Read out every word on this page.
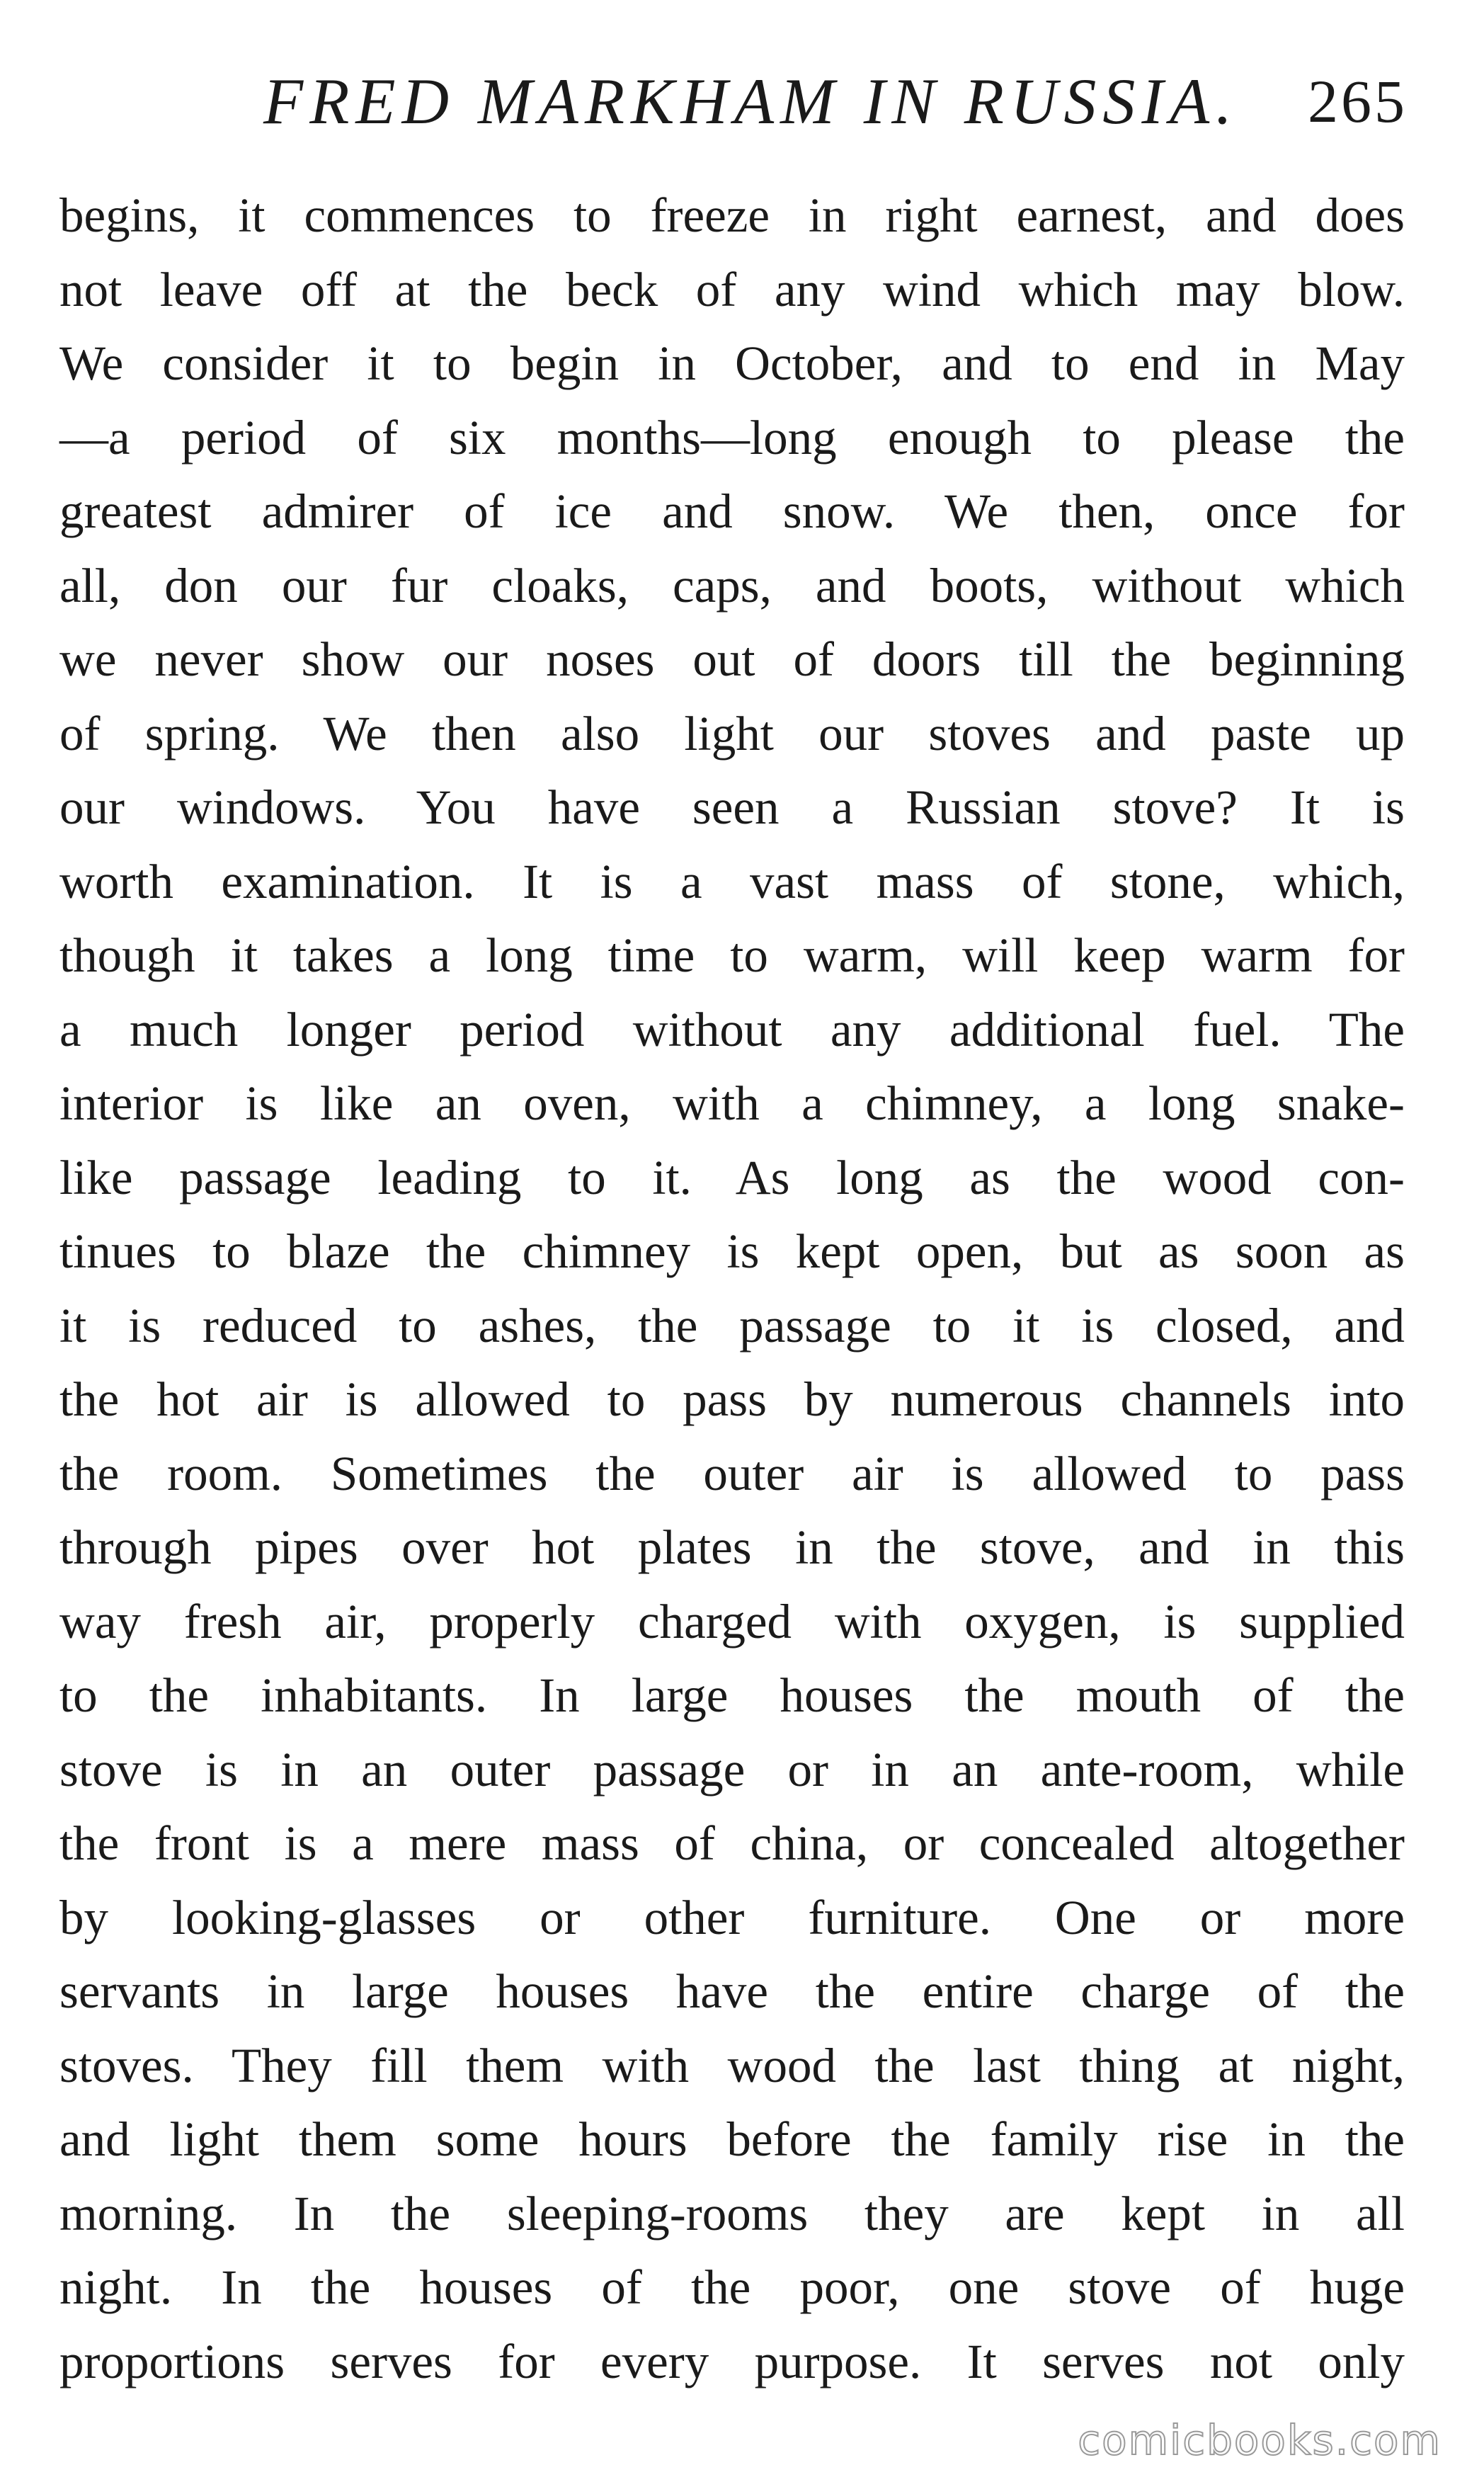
FRED MARKHAM IN RUSSIA. 265
begins, it commences to freeze in right earnest, and does
not leave off at the beck of any wind which may blow.
We consider it to begin in October, and to end in May
—a period of six months—long enough to please the
greatest admirer of ice and snow. We then, once for
all, don our fur cloaks, caps, and boots, without which
we never show our noses out of doors till the beginning
of spring. We then also light our stoves and paste up
our windows. You have seen a Russian stove? It is
worth examination. It is a vast mass of stone, which,
though it takes a long time to warm, will keep warm for
a much longer period without any additional fuel. The
interior is like an oven, with a chimney, a long snake-
like passage leading to it. As long as the wood con-
tinues to blaze the chimney is kept open, but as soon as
it is reduced to ashes, the passage to it is closed, and
the hot air is allowed to pass by numerous channels into
the room. Sometimes the outer air is allowed to pass
through pipes over hot plates in the stove, and in this
way fresh air, properly charged with oxygen, is supplied
to the inhabitants. In large houses the mouth of the
stove is in an outer passage or in an ante-room, while
the front is a mere mass of china, or concealed altogether
by looking-glasses or other furniture. One or more
servants in large houses have the entire charge of the
stoves. They fill them with wood the last thing at night,
and light them some hours before the family rise in the
morning. In the sleeping-rooms they are kept in all
night. In the houses of the poor, one stove of huge
proportions serves for every purpose. It serves not only
comicbooks.com
